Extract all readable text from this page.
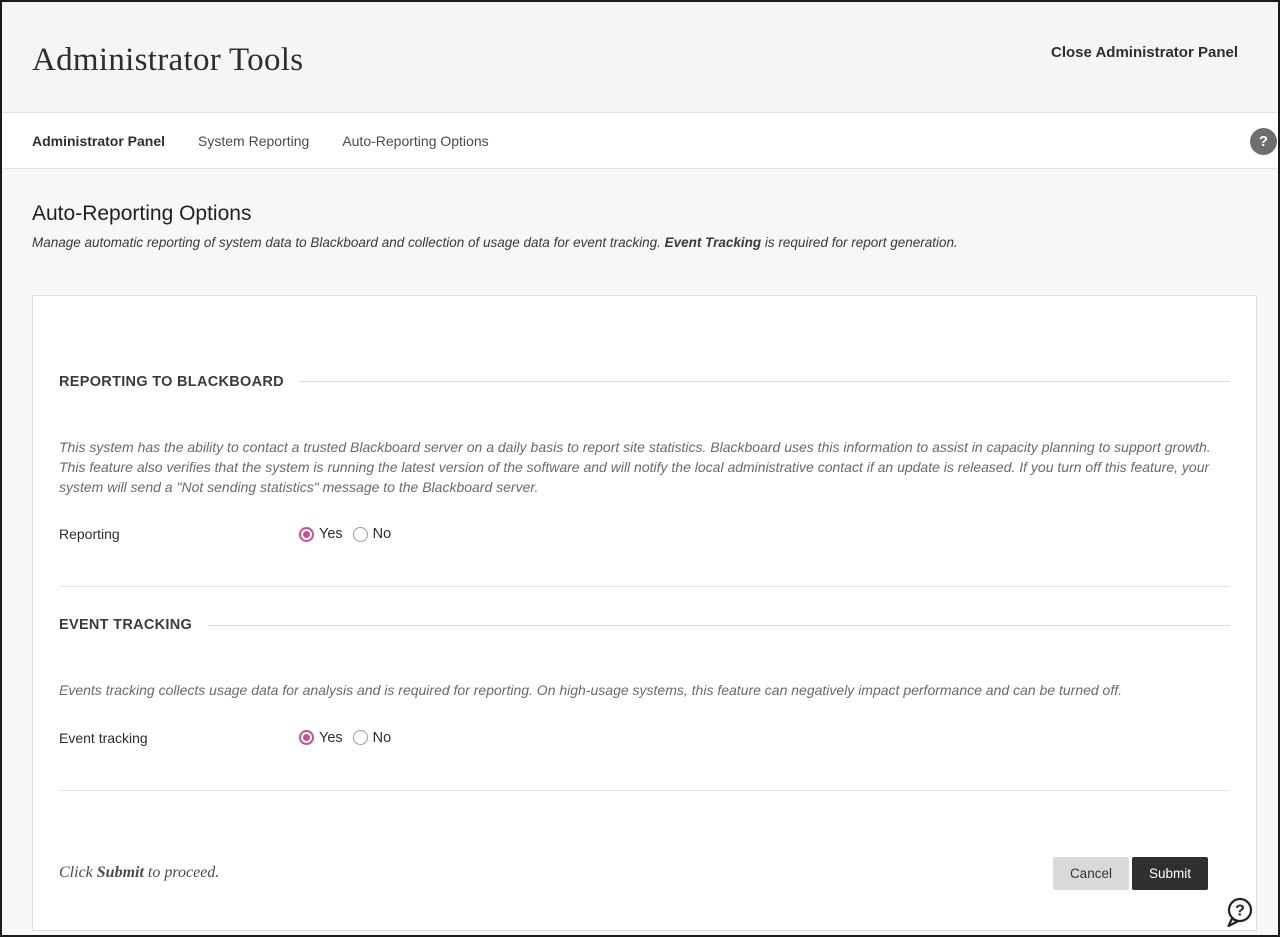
Administrator Tools	Close Administrator Panel
Administrator Panel System Reporting Auto-Reporting Options	?
Auto-Reporting Options

Manage automatic reporting of system data to Blackboard and collection of usage data for event tracking. Event Tracking is required for report generation.

REPORTING TO BLACKBOARD

This system has the ability to contact a trusted Blackboard server on a daily basis to report site statistics. Blackboard uses this information to assist in capacity planning to support growth. This feature also verifies that the system is running the latest version of the software and will notify the local administrative contact if an update is released. If you turn off this feature, your system will send a "Not sending statistics" message to the Blackboard server.

Reporting	Yes No
EVENT TRACKING

Events tracking collects usage data for analysis and is required for reporting. On high-usage systems, this feature can negatively impact performance and can be turned off.

Event tracking	Yes No

Click Submit to proceed.	Cancel	Submit
?
